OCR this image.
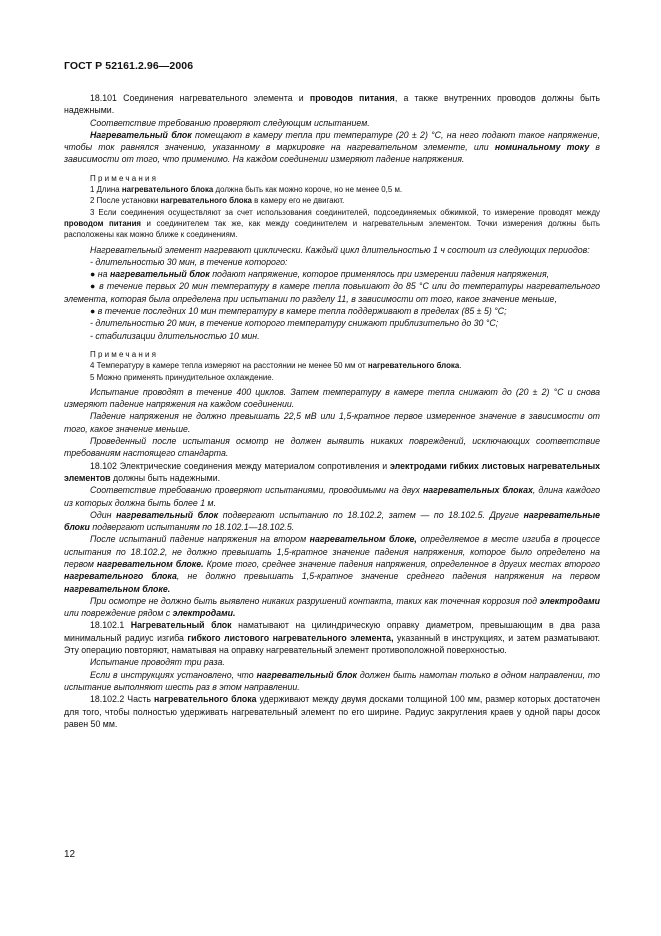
ГОСТ Р 52161.2.96—2006

18.101 Соединения нагревательного элемента и проводов питания, а также внутренних проводов должны быть надежными.

Соответствие требованию проверяют следующим испытанием.

Нагревательный блок помещают в камеру тепла при температуре (20 ± 2) °С, на него подают такое напряжение, чтобы ток равнялся значению, указанному в маркировке на нагревательном элементе, или номинальному току в зависимости от того, что применимо. На каждом соединении измеряют падение напряжения.

Примечания

1 Длина нагревательного блока должна быть как можно короче, но не менее 0,5 м.

2 После установки нагревательного блока в камеру его не двигают.

3 Если соединения осуществляют за счет использования соединителей, подсоединяемых обжимкой, то измерение проводят между проводом питания и соединителем так же, как между соединителем и нагревательным элементом. Точки измерения должны быть расположены как можно ближе к соединениям.

Нагревательный элемент нагревают циклически. Каждый цикл длительностью 1 ч состоит из следующих периодов:

- длительностью 30 мин, в течение которого:

● на нагревательный блок подают напряжение, которое применялось при измерении падения напряжения,

● в течение первых 20 мин температуру в камере тепла повышают до 85 °С или до температуры нагревательного элемента, которая была определена при испытании по разделу 11, в зависимости от того, какое значение меньше,

● в течение последних 10 мин температуру в камере тепла поддерживают в пределах (85 ± 5) °С;

- длительностью 20 мин, в течение которого температуру снижают приблизительно до 30 °С;

- стабилизации длительностью 10 мин.

Примечания

4 Температуру в камере тепла измеряют на расстоянии не менее 50 мм от нагревательного блока.

5 Можно применять принудительное охлаждение.

Испытание проводят в течение 400 циклов. Затем температуру в камере тепла снижают до (20 ± 2) °С и снова измеряют падение напряжения на каждом соединении.

Падение напряжения не должно превышать 22,5 мВ или 1,5-кратное первое измеренное значение в зависимости от того, какое значение меньше.

Проведенный после испытания осмотр не должен выявить никаких повреждений, исключающих соответствие требованиям настоящего стандарта.

18.102 Электрические соединения между материалом сопротивления и электродами гибких листовых нагревательных элементов должны быть надежными.

Соответствие требованию проверяют испытаниями, проводимыми на двух нагревательных блоках, длина каждого из которых должна быть более 1 м.

Один нагревательный блок подвергают испытанию по 18.102.2, затем — по 18.102.5. Другие нагревательные блоки подвергают испытаниям по 18.102.1—18.102.5.

После испытаний падение напряжения на втором нагревательном блоке, определяемое в месте изгиба в процессе испытания по 18.102.2, не должно превышать 1,5-кратное значение падения напряжения, которое было определено на первом нагревательном блоке. Кроме того, среднее значение падения напряжения, определенное в других местах второго нагревательного блока, не должно превышать 1,5-кратное значение среднего падения напряжения на первом нагревательном блоке.

При осмотре не должно быть выявлено никаких разрушений контакта, таких как точечная коррозия под электродами или повреждение рядом с электродами.

18.102.1 Нагревательный блок наматывают на цилиндрическую оправку диаметром, превышающим в два раза минимальный радиус изгиба гибкого листового нагревательного элемента, указанный в инструкциях, и затем разматывают. Эту операцию повторяют, наматывая на оправку нагревательный элемент противоположной поверхностью.

Испытание проводят три раза.

Если в инструкциях установлено, что нагревательный блок должен быть намотан только в одном направлении, то испытание выполняют шесть раз в этом направлении.

18.102.2 Часть нагревательного блока удерживают между двумя досками толщиной 100 мм, размер которых достаточен для того, чтобы полностью удерживать нагревательный элемент по его ширине. Радиус закругления краев у одной пары досок равен 50 мм.

12
